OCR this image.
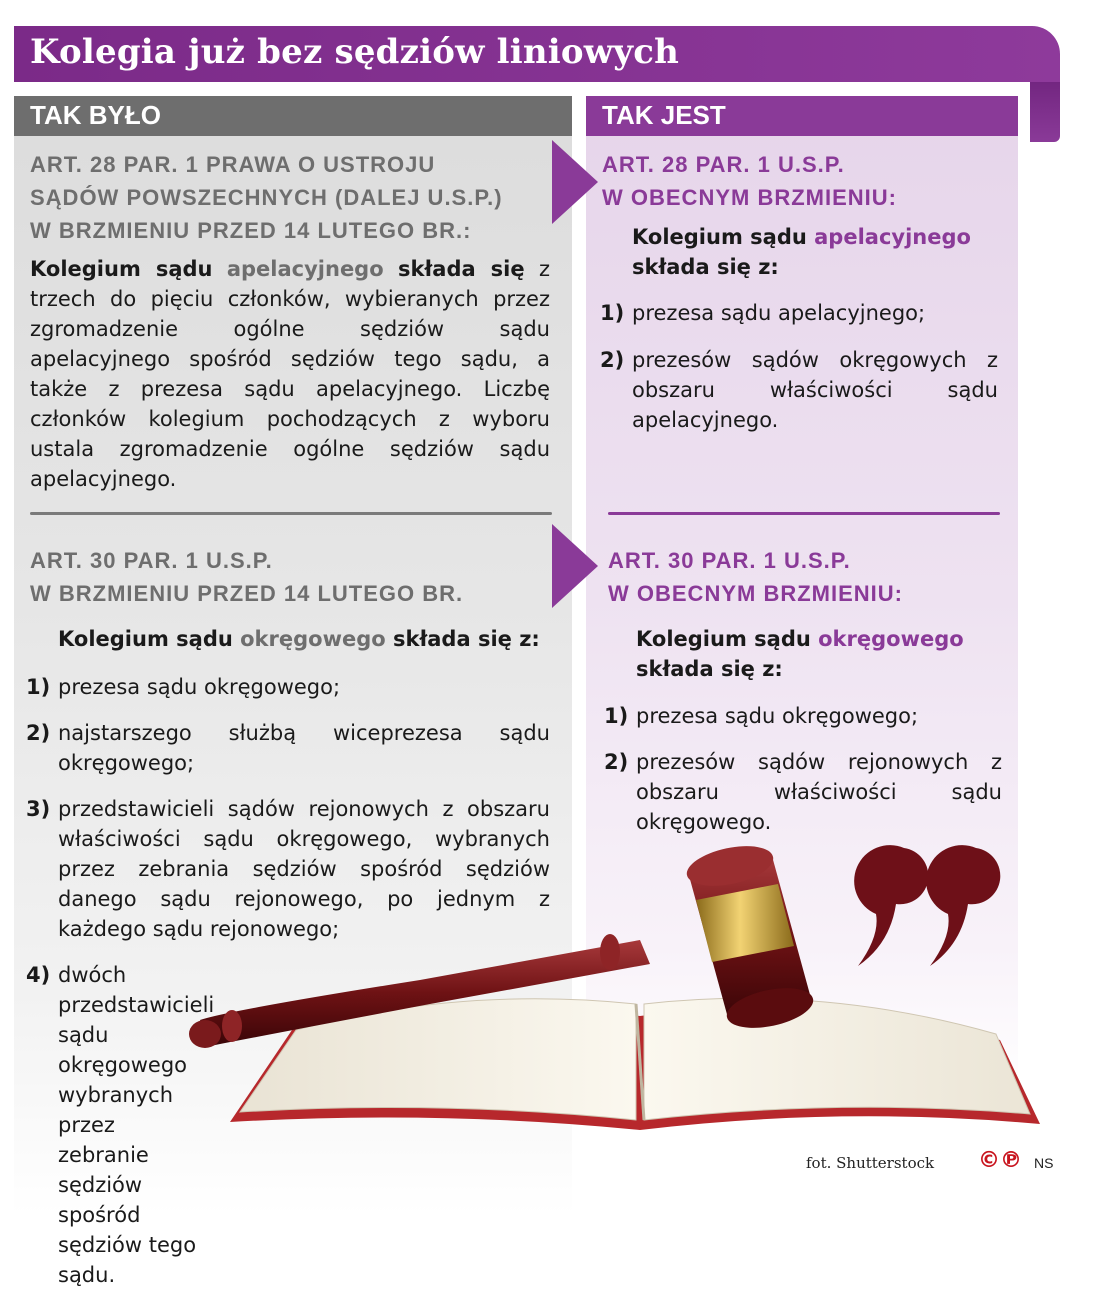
Kolegia już bez sędziów liniowych
TAK BYŁO	TAK JEST
ART. 28 PAR. 1 PRAWA O USTROJU
SĄDÓW POWSZECHNYCH (DALEJ U.S.P.)
W BRZMIENIU PRZED 14 LUTEGO BR.:
Kolegium sądu apelacyjnego składa się z trzech do pięciu członków, wybieranych przez zgromadzenie ogólne sędziów sądu apelacyjnego spośród sędziów tego sądu, a także z prezesa sądu apelacyjnego. Liczbę członków kolegium pochodzących z wyboru ustala zgromadzenie ogólne sędziów sądu apelacyjnego.
ART. 30 PAR. 1 U.S.P.
W BRZMIENIU PRZED 14 LUTEGO BR.
Kolegium sądu okręgowego składa się z:
1) prezesa sądu okręgowego;
2) najstarszego służbą wiceprezesa sądu okręgowego;
3) przedstawicieli sądów rejonowych z obszaru właściwości sądu okręgowego, wybranych przez zebrania sędziów spośród sędziów danego sądu rejonowego, po jednym z każdego sądu rejonowego;
4) dwóch przedstawicieli sądu okręgowego wybranych przez zebranie sędziów spośród sędziów tego sądu.
ART. 28 PAR. 1 U.S.P.
W OBECNYM BRZMIENIU:
Kolegium sądu apelacyjnego składa się z:
1) prezesa sądu apelacyjnego;
2) prezesów sądów okręgowych z obszaru właściwości sądu apelacyjnego.
ART. 30 PAR. 1 U.S.P.
W OBECNYM BRZMIENIU:
Kolegium sądu okręgowego składa się z:
1) prezesa sądu okręgowego;
2) prezesów sądów rejonowych z obszaru właściwości sądu okręgowego.
fot. Shutterstock ©℗ NS
